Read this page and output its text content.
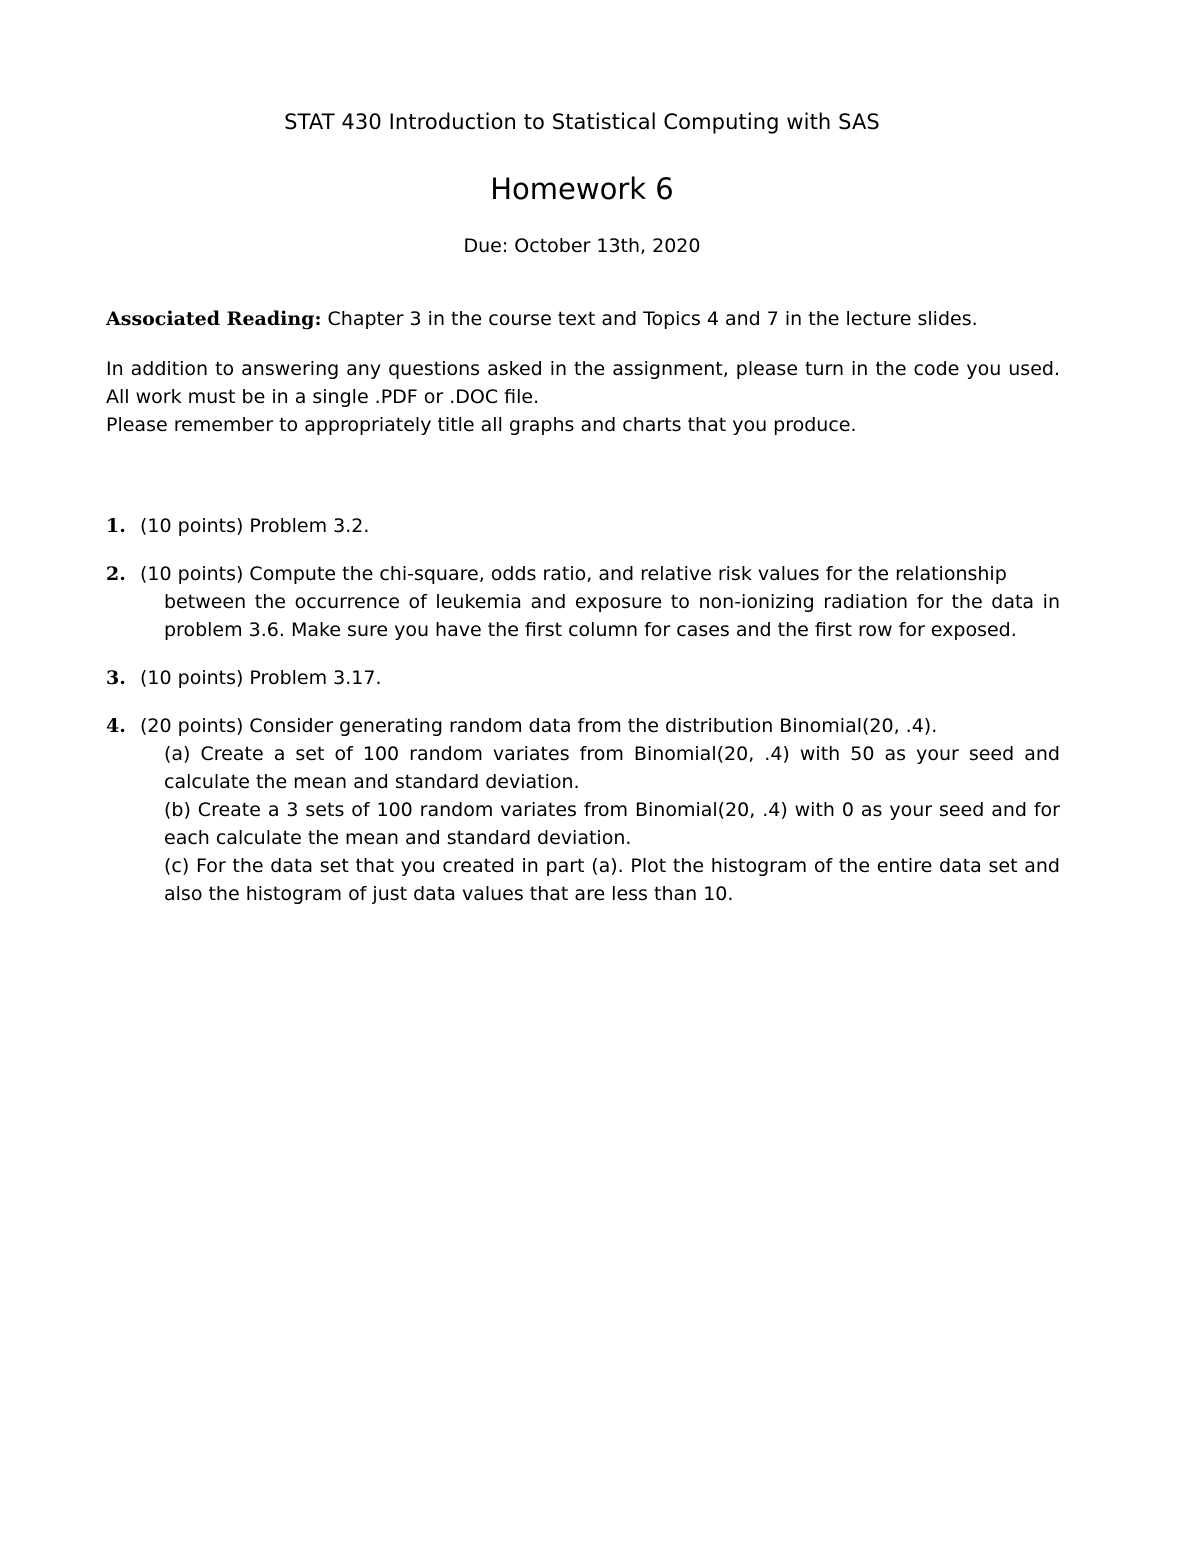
STAT 430 Introduction to Statistical Computing with SAS
Homework 6
Due: October 13th, 2020
Associated Reading: Chapter 3 in the course text and Topics 4 and 7 in the lecture slides.

In addition to answering any questions asked in the assignment, please turn in the code you used. All work must be in a single .PDF or .DOC file.

Please remember to appropriately title all graphs and charts that you produce.

1. (10 points) Problem 3.2.
2. (10 points) Compute the chi-square, odds ratio, and relative risk values for the relationship
between the occurrence of leukemia and exposure to non-ionizing radiation for the data in problem 3.6. Make sure you have the first column for cases and the first row for exposed.
3. (10 points) Problem 3.17.
4. (20 points) Consider generating random data from the distribution Binomial(20, .4).
(a) Create a set of 100 random variates from Binomial(20, .4) with 50 as your seed and calculate the mean and standard deviation.
(b) Create a 3 sets of 100 random variates from Binomial(20, .4) with 0 as your seed and for each calculate the mean and standard deviation.
(c) For the data set that you created in part (a). Plot the histogram of the entire data set and also the histogram of just data values that are less than 10.
